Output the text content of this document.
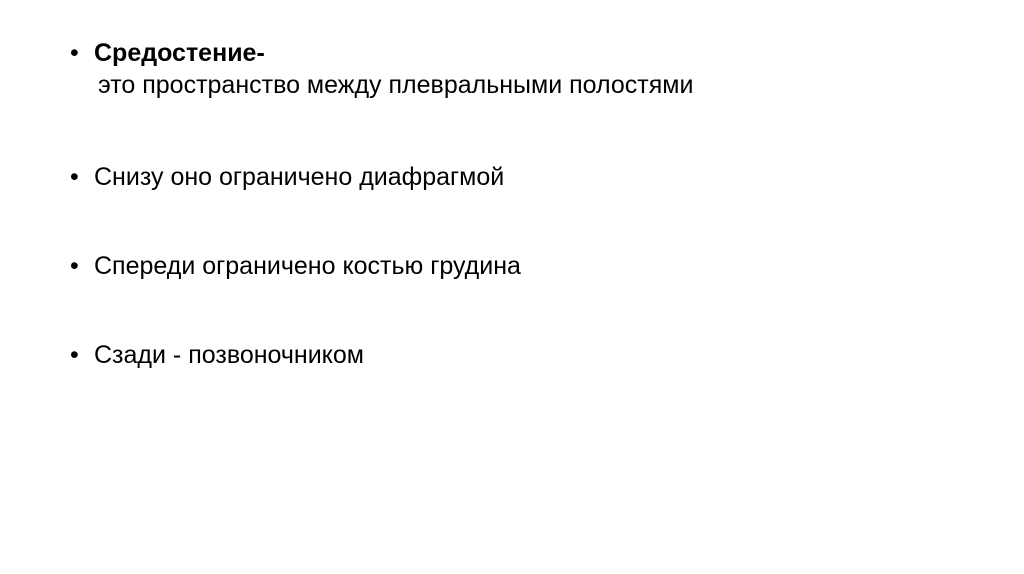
• Средостение-
это пространство между плевральными полостями
• Снизу оно ограничено диафрагмой
• Спереди ограничено костью грудина
• Сзади - позвоночником
